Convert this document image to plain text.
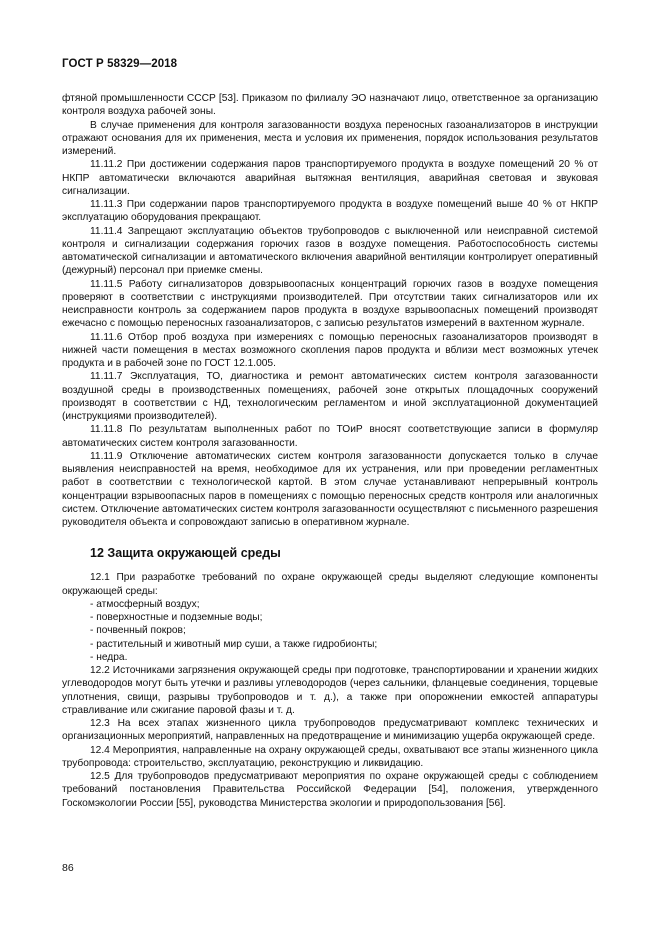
ГОСТ Р 58329—2018

фтяной промышленности СССР [53]. Приказом по филиалу ЭО назначают лицо, ответственное за организацию контроля воздуха рабочей зоны.

В случае применения для контроля загазованности воздуха переносных газоанализаторов в инструкции отражают основания для их применения, места и условия их применения, порядок использования результатов измерений.

11.11.2 При достижении содержания паров транспортируемого продукта в воздухе помещений 20 % от НКПР автоматически включаются аварийная вытяжная вентиляция, аварийная световая и звуковая сигнализации.

11.11.3 При содержании паров транспортируемого продукта в воздухе помещений выше 40 % от НКПР эксплуатацию оборудования прекращают.

11.11.4 Запрещают эксплуатацию объектов трубопроводов с выключенной или неисправной системой контроля и сигнализации содержания горючих газов в воздухе помещения. Работоспособность системы автоматической сигнализации и автоматического включения аварийной вентиляции контролирует оперативный (дежурный) персонал при приемке смены.

11.11.5 Работу сигнализаторов довзрывоопасных концентраций горючих газов в воздухе помещения проверяют в соответствии с инструкциями производителей. При отсутствии таких сигнализаторов или их неисправности контроль за содержанием паров продукта в воздухе взрывоопасных помещений производят ежечасно с помощью переносных газоанализаторов, с записью результатов измерений в вахтенном журнале.

11.11.6 Отбор проб воздуха при измерениях с помощью переносных газоанализаторов производят в нижней части помещения в местах возможного скопления паров продукта и вблизи мест возможных утечек продукта и в рабочей зоне по ГОСТ 12.1.005.

11.11.7 Эксплуатация, ТО, диагностика и ремонт автоматических систем контроля загазованности воздушной среды в производственных помещениях, рабочей зоне открытых площадочных сооружений производят в соответствии с НД, технологическим регламентом и иной эксплуатационной документацией (инструкциями производителей).

11.11.8 По результатам выполненных работ по ТОиР вносят соответствующие записи в формуляр автоматических систем контроля загазованности.

11.11.9 Отключение автоматических систем контроля загазованности допускается только в случае выявления неисправностей на время, необходимое для их устранения, или при проведении регламентных работ в соответствии с технологической картой. В этом случае устанавливают непрерывный контроль концентрации взрывоопасных паров в помещениях с помощью переносных средств контроля или аналогичных систем. Отключение автоматических систем контроля загазованности осуществляют с письменного разрешения руководителя объекта и сопровождают записью в оперативном журнале.

12 Защита окружающей среды

12.1 При разработке требований по охране окружающей среды выделяют следующие компоненты окружающей среды:

- атмосферный воздух;
- поверхностные и подземные воды;
- почвенный покров;
- растительный и животный мир суши, а также гидробионты;
- недра.

12.2 Источниками загрязнения окружающей среды при подготовке, транспортировании и хранении жидких углеводородов могут быть утечки и разливы углеводородов (через сальники, фланцевые соединения, торцевые уплотнения, свищи, разрывы трубопроводов и т. д.), а также при опорожнении емкостей аппаратуры стравливание или сжигание паровой фазы и т. д.

12.3 На всех этапах жизненного цикла трубопроводов предусматривают комплекс технических и организационных мероприятий, направленных на предотвращение и минимизацию ущерба окружающей среде.

12.4 Мероприятия, направленные на охрану окружающей среды, охватывают все этапы жизненного цикла трубопровода: строительство, эксплуатацию, реконструкцию и ликвидацию.

12.5 Для трубопроводов предусматривают мероприятия по охране окружающей среды с соблюдением требований постановления Правительства Российской Федерации [54], положения, утвержденного Госкомэкологии России [55], руководства Министерства экологии и природопользования [56].

86
